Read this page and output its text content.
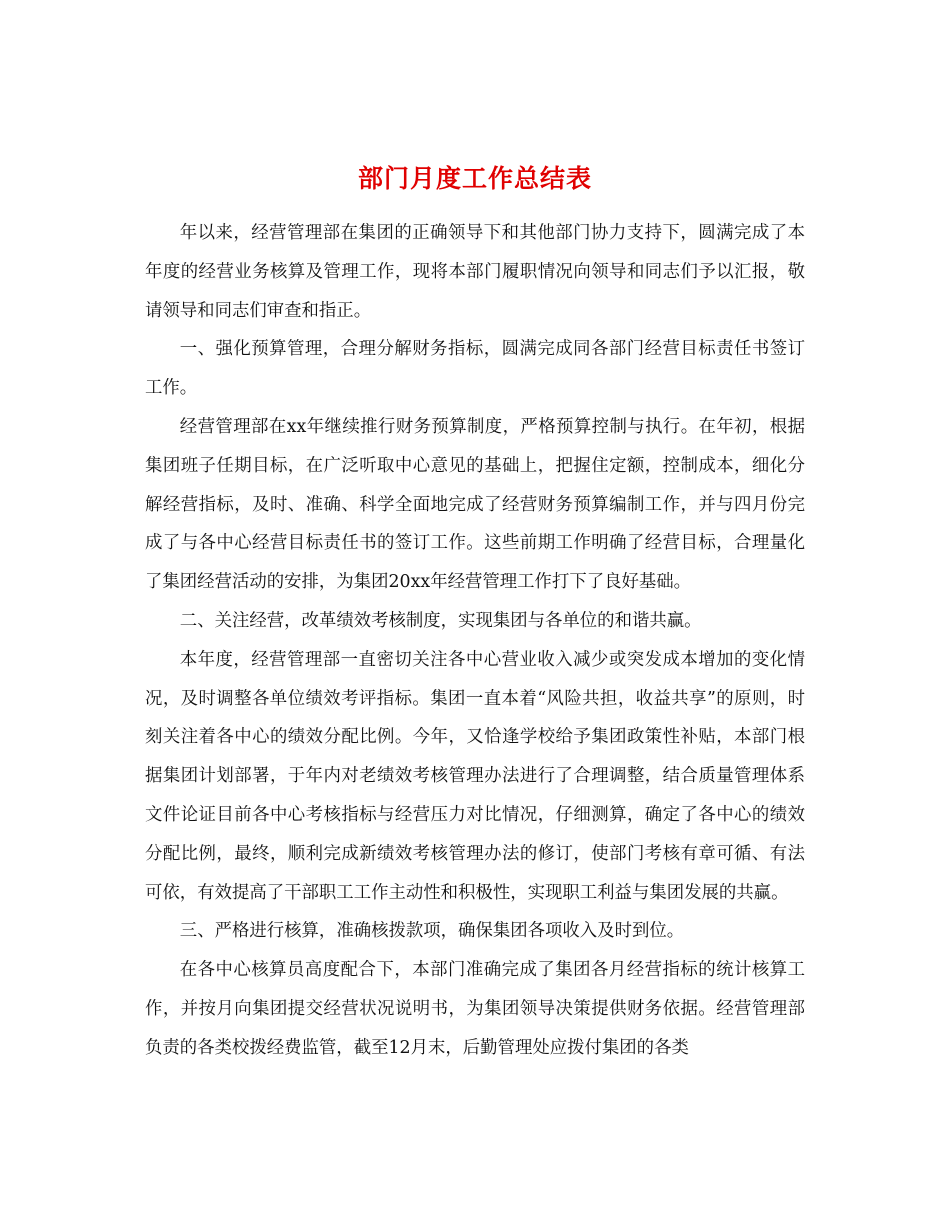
部门月度工作总结表

年以来，经营管理部在集团的正确领导下和其他部门协力支持下，圆满完成了本年度的经营业务核算及管理工作，现将本部门履职情况向领导和同志们予以汇报，敬请领导和同志们审查和指正。

一、强化预算管理，合理分解财务指标，圆满完成同各部门经营目标责任书签订工作。

经营管理部在xx年继续推行财务预算制度，严格预算控制与执行。在年初，根据集团班子任期目标，在广泛听取中心意见的基础上，把握住定额，控制成本，细化分解经营指标，及时、准确、科学全面地完成了经营财务预算编制工作，并与四月份完成了与各中心经营目标责任书的签订工作。这些前期工作明确了经营目标，合理量化了集团经营活动的安排，为集团20xx年经营管理工作打下了良好基础。

二、关注经营，改革绩效考核制度，实现集团与各单位的和谐共赢。

本年度，经营管理部一直密切关注各中心营业收入减少或突发成本增加的变化情况，及时调整各单位绩效考评指标。集团一直本着“风险共担，收益共享”的原则，时刻关注着各中心的绩效分配比例。今年，又恰逢学校给予集团政策性补贴，本部门根据集团计划部署，于年内对老绩效考核管理办法进行了合理调整，结合质量管理体系文件论证目前各中心考核指标与经营压力对比情况，仔细测算，确定了各中心的绩效分配比例，最终，顺利完成新绩效考核管理办法的修订，使部门考核有章可循、有法可依，有效提高了干部职工工作主动性和积极性，实现职工利益与集团发展的共赢。

三、严格进行核算，准确核拨款项，确保集团各项收入及时到位。

在各中心核算员高度配合下，本部门准确完成了集团各月经营指标的统计核算工作，并按月向集团提交经营状况说明书，为集团领导决策提供财务依据。经营管理部负责的各类校拨经费监管，截至12月末，后勤管理处应拨付集团的各类
